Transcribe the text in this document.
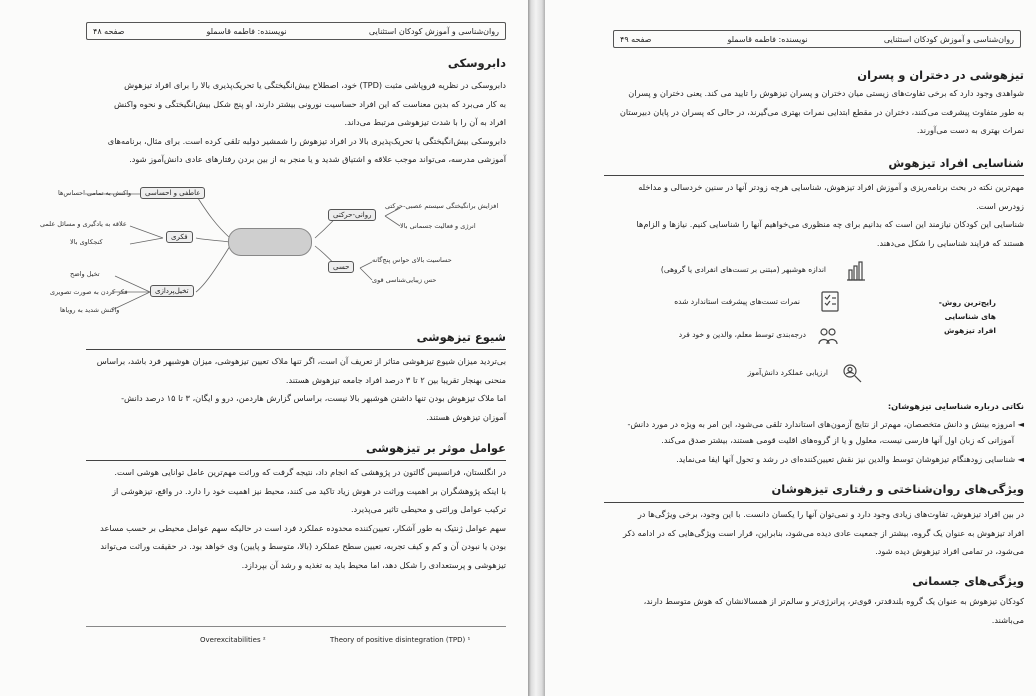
روان‌شناسی و آموزش کودکان استثنایی
نویسنده: فاطمه قاسملو
صفحه ۴۸
دابروسکی

دابروسکی در نظریه فروپاشی مثبت (TPD) خود، اصطلاح بیش‌انگیختگی یا تحریک‌پذیری بالا را برای افراد تیزهوش

به کار می‌برد که بدین معناست که این افراد حساسیت نورونی بیشتر دارند، او پنج شکل بیش‌انگیختگی و نحوه واکنش

افراد به آن را با شدت تیزهوشی مرتبط می‌داند.

دابروسکی بیش‌انگیختگی یا تحریک‌پذیری بالا در افراد تیزهوش را شمشیر دولبه تلقی کرده است. برای مثال، برنامه‌های

آموزشی مدرسه، می‌تواند موجب علاقه و اشتیاق شدید و یا منجر به از بین بردن رفتارهای عادی دانش‌آموز شود.

عاطفی و احساسی
واکنش به تمامی احساس‌ها
فکری
علاقه به یادگیری و مسائل علمی
کنجکاوی بالا
تخیل‌پردازی
تخیل واضح
فکر کردن به صورت تصویری
واکنش شدید به رویاها
روانی-حرکتی
افزایش برانگیختگی سیستم عصبی-حرکتی
انرژی و فعالیت جسمانی بالا
حسی
حساسیت بالای حواس پنج‌گانه
حس زیبایی‌شناسی قوی
شیوع تیزهوشی

بی‌تردید میزان شیوع تیزهوشی متاثر از تعریف آن است، اگر تنها ملاک تعیین تیزهوشی، میزان هوشبهر فرد باشد، براساس

منحنی بهنجار تقریبا بین ۲ تا ۳ درصد افراد جامعه تیزهوش هستند.

اما ملاک تیزهوش بودن تنها داشتن هوشبهر بالا نیست، براساس گزارش هاردمن، درو و ایگان، ۳ تا ۱۵ درصد دانش-

آموزان تیزهوش هستند.

عوامل موثر بر تیزهوشی

در انگلستان، فرانسیس گالتون در پژوهشی که انجام داد، نتیجه گرفت که وراثت مهم‌ترین عامل توانایی هوشی است.

با اینکه پژوهشگران بر اهمیت وراثت در هوش زیاد تاکید می کنند، محیط نیز اهمیت خود را دارد. در واقع، تیزهوشی از

ترکیب عوامل وراثتی و محیطی تاثیر می‌پذیرد.

سهم عوامل ژنتیک به طور آشکار، تعیین‌کننده محدوده عملکرد فرد است در حالیکه سهم عوامل محیطی بر حسب مساعد

بودن یا نبودن آن و کم و کیف تجربه، تعیین سطح عملکرد (بالا، متوسط و پایین) وی خواهد بود. در حقیقت وراثت می‌تواند

تیزهوشی و پرستعدادی را شکل دهد، اما محیط باید به تغذیه و رشد آن بپردازد.

Theory of positive disintegration (TPD) ¹
Overexcitabilities ²
روان‌شناسی و آموزش کودکان استثنایی
نویسنده: فاطمه قاسملو
صفحه ۴۹
تیزهوشی در دختران و پسران

شواهدی وجود دارد که برخی تفاوت‌های زیستی میان دختران و پسران تیزهوش را تایید می کند. یعنی دختران و پسران

به طور متفاوت پیشرفت می‌کنند، دختران در مقطع ابتدایی نمرات بهتری می‌گیرند، در حالی که پسران در پایان دبیرستان

نمرات بهتری به دست می‌آورند.

شناسایی افراد تیزهوش

مهم‌ترین نکته در بحث برنامه‌ریزی و آموزش افراد تیزهوش، شناسایی هرچه زودتر آنها در سنین خردسالی و مداخله

زودرس است.

شناسایی این کودکان نیازمند این است که بدانیم برای چه منظوری می‌خواهیم آنها را شناسایی کنیم. نیازها و الزام‌ها

هستند که فرایند شناسایی را شکل می‌دهند.

رایج‌ترین روش-
های شناسایی
افراد تیزهوش
اندازه هوشبهر (مبتنی بر تست‌های انفرادی یا گروهی)
نمرات تست‌های پیشرفت استاندارد شده
درجه‌بندی توسط معلم، والدین و خود فرد
ارزیابی عملکرد دانش‌آموز
نکاتی درباره شناسایی تیزهوشان:
◄ امروزه بینش و دانش متخصصان، مهم‌تر از نتایج آزمون‌های استاندارد تلقی می‌شود، این امر به ویژه در مورد دانش-
آموزانی که زبان اول آنها فارسی نیست، معلول و یا از گروه‌های اقلیت قومی هستند، بیشتر صدق می‌کند.
◄ شناسایی زودهنگام تیزهوشان توسط والدین نیز نقش تعیین‌کننده‌ای در رشد و تحول آنها ایفا می‌نماید.
ویژگی‌های روان‌شناختی و رفتاری تیزهوشان

در بین افراد تیزهوش، تفاوت‌های زیادی وجود دارد و نمی‌توان آنها را یکسان دانست. با این وجود، برخی ویژگی‌ها در

افراد تیزهوش به عنوان یک گروه، بیشتر از جمعیت عادی دیده می‌شود، بنابراین، قرار است ویژگی‌هایی که در ادامه ذکر

می‌شود، در تمامی افراد تیزهوش دیده شود.

ویژگی‌های جسمانی

کودکان تیزهوش به عنوان یک گروه بلندقدتر، قوی‌تر، پرانرژی‌تر و سالم‌تر از همسالانشان که هوش متوسط دارند،

می‌باشند.
